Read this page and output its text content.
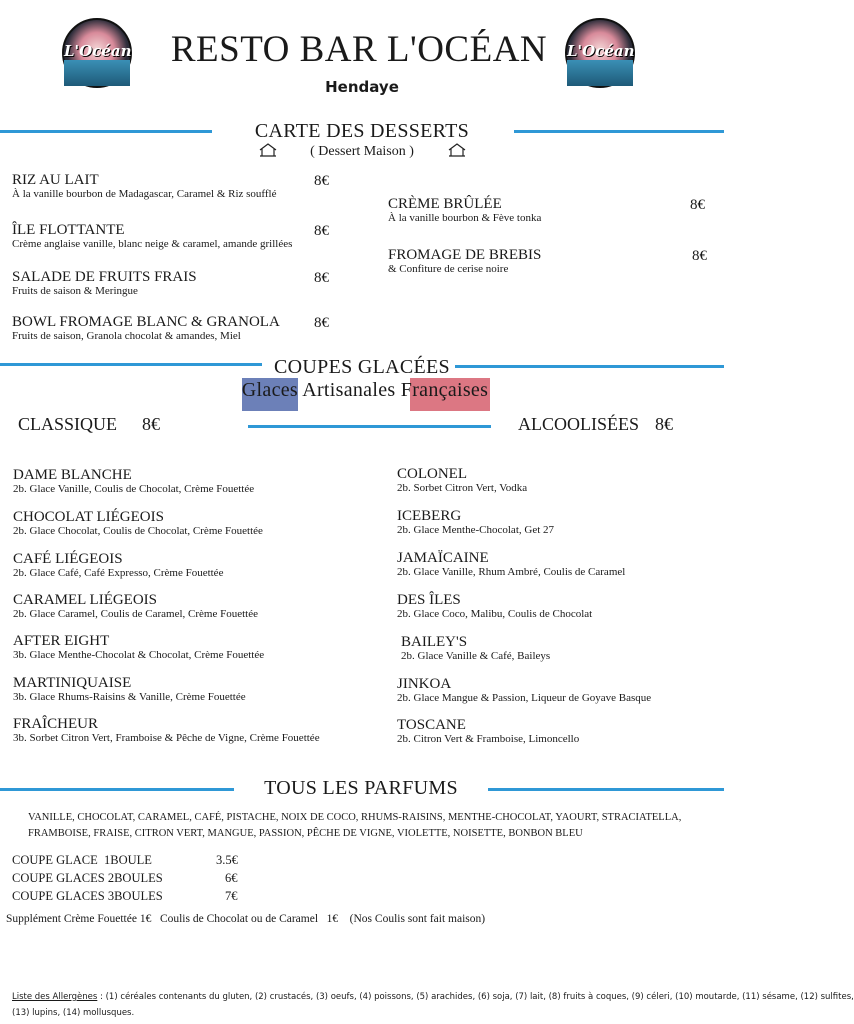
L'Océan	L'Océan
RESTO BAR L'OCÉAN
Hendaye
CARTE DES DESSERTS
( Dessert Maison )
RIZ AU LAIT
À la vanille bourbon de Madagascar, Caramel & Riz soufflé
8€
ÎLE FLOTTANTE
Crème anglaise vanille, blanc neige & caramel, amande grillées
8€
SALADE DE FRUITS FRAIS
Fruits de saison & Meringue
8€
BOWL FROMAGE BLANC & GRANOLA
Fruits de saison, Granola chocolat & amandes, Miel
8€
CRÈME BRÛLÉE
À la vanille bourbon & Fève tonka
8€
FROMAGE DE BREBIS
& Confiture de cerise noire
8€
COUPES GLACÉES
Glaces Artisanales Françaises
CLASSIQUE 8€	ALCOOLISÉES 8€
DAME BLANCHE
2b. Glace Vanille, Coulis de Chocolat, Crème Fouettée
CHOCOLAT LIÉGEOIS
2b. Glace Chocolat, Coulis de Chocolat, Crème Fouettée
CAFÉ LIÉGEOIS
2b. Glace Café, Café Expresso, Crème Fouettée
CARAMEL LIÉGEOIS
2b. Glace Caramel, Coulis de Caramel, Crème Fouettée
AFTER EIGHT
3b. Glace Menthe-Chocolat & Chocolat, Crème Fouettée
MARTINIQUAISE
3b. Glace Rhums-Raisins & Vanille, Crème Fouettée
FRAÎCHEUR
3b. Sorbet Citron Vert, Framboise & Pêche de Vigne, Crème Fouettée
COLONEL
2b. Sorbet Citron Vert, Vodka
ICEBERG
2b. Glace Menthe-Chocolat, Get 27
JAMAÏCAINE
2b. Glace Vanille, Rhum Ambré, Coulis de Caramel
DES ÎLES
2b. Glace Coco, Malibu, Coulis de Chocolat
BAILEY'S
2b. Glace Vanille & Café, Baileys
JINKOA
2b. Glace Mangue & Passion, Liqueur de Goyave Basque
TOSCANE
2b. Citron Vert & Framboise, Limoncello
TOUS LES PARFUMS
VANILLE, CHOCOLAT, CARAMEL, CAFÉ, PISTACHE, NOIX DE COCO, RHUMS-RAISINS, MENTHE-CHOCOLAT, YAOURT, STRACIATELLA,
FRAMBOISE, FRAISE, CITRON VERT, MANGUE, PASSION, PÊCHE DE VIGNE, VIOLETTE, NOISETTE, BONBON BLEU
COUPE GLACE  1BOULE	3.5€
COUPE GLACES 2BOULES	6€
COUPE GLACES 3BOULES	7€
Supplément Crème Fouettée 1€   Coulis de Chocolat ou de Caramel   1€    (Nos Coulis sont fait maison)
Liste des Allergènes : (1) céréales contenants du gluten, (2) crustacés, (3) oeufs, (4) poissons, (5) arachides, (6) soja, (7) lait, (8) fruits à coques, (9) céleri, (10) moutarde, (11) sésame, (12) sulfites,
(13) lupins, (14) mollusques.
